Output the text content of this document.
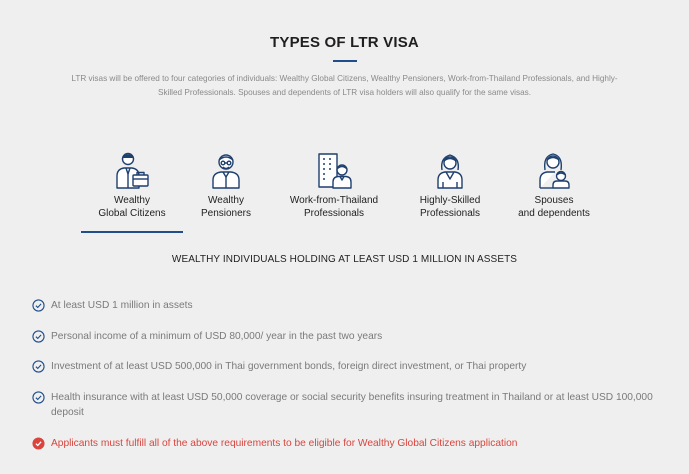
TYPES OF LTR VISA
LTR visas will be offered to four categories of individuals: Wealthy Global Citizens, Wealthy Pensioners, Work-from-Thailand Professionals, and Highly-Skilled Professionals. Spouses and dependents of LTR visa holders will also qualify for the same visas.
Wealthy
Global Citizens
Wealthy
Pensioners
Work-from-Thailand
Professionals
Highly-Skilled
Professionals
Spouses
and dependents
WEALTHY INDIVIDUALS HOLDING AT LEAST USD 1 MILLION IN ASSETS
At least USD 1 million in assets
Personal income of a minimum of USD 80,000/ year in the past two years
Investment of at least USD 500,000 in Thai government bonds, foreign direct investment, or Thai property
Health insurance with at least USD 50,000 coverage or social security benefits insuring treatment in Thailand or at least USD 100,000 deposit
Applicants must fulfill all of the above requirements to be eligible for Wealthy Global Citizens application
